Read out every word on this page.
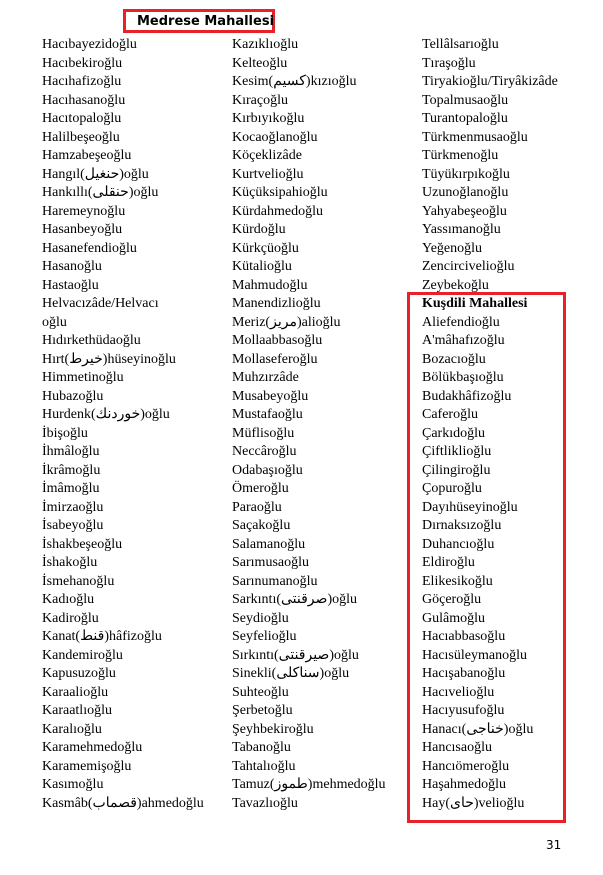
Medrese Mahallesi
Hacıbayezidoğlu
Hacıbekiroğlu
Hacıhafizoğlu
Hacıhasanoğlu
Hacıtopaloğlu
Halilbeşeoğlu
Hamzabeşeoğlu
Hangıl(حنغيل)oğlu
Hankıllı(حنقلى)oğlu
Haremeynoğlu
Hasanbeyoğlu
Hasanefendioğlu
Hasanoğlu
Hastaoğlu
Helvacızâde/Helvacı
oğlu
Hıdırkethüdaoğlu
Hırt(خيرط)hüseyinoğlu
Himmetinoğlu
Hubazoğlu
Hurdenk(خوردنك)oğlu
İbişoğlu
İhmâloğlu
İkrâmoğlu
İmâmoğlu
İmirzaoğlu
İsabeyoğlu
İshakbeşeoğlu
İshakoğlu
İsmehanoğlu
Kadıoğlu
Kadiroğlu
Kanat(قنط)hâfizoğlu
Kandemiroğlu
Kapusuzoğlu
Karaalioğlu
Karaatlıoğlu
Karalıoğlu
Karamehmedoğlu
Karamemişoğlu
Kasımoğlu
Kasmâb(قصماب)ahmedoğlu
Kazıklıoğlu
Kelteoğlu
Kesim(كسيم)kızıoğlu
Kıraçoğlu
Kırbıyıkoğlu
Kocaoğlanoğlu
Köçeklizâde
Kurtvelioğlu
Küçüksipahioğlu
Kürdahmedoğlu
Kürdoğlu
Kürkçüoğlu
Kütalioğlu
Mahmudoğlu
Manendizlioğlu
Meriz(مريز)alioğlu
Mollaabbasoğlu
Mollaseferoğlu
Muhzırzâde
Musabeyoğlu
Mustafaoğlu
Müflisoğlu
Neccâroğlu
Odabaşıoğlu
Ömeroğlu
Paraoğlu
Saçakoğlu
Salamanoğlu
Sarımusaoğlu
Sarınumanoğlu
Sarkıntı(صرقنتى)oğlu
Seydioğlu
Seyfelioğlu
Sırkıntı(صيرقنتى)oğlu
Sinekli(سناكلى)oğlu
Suhteoğlu
Şerbetoğlu
Şeyhbekiroğlu
Tabanoğlu
Tahtalıoğlu
Tamuz(طموز)mehmedoğlu
Tavazlıoğlu
Tellâlsarıoğlu
Tıraşoğlu
Tiryakioğlu/Tiryâkizâde
Topalmusaoğlu
Turantopaloğlu
Türkmenmusaoğlu
Türkmenoğlu
Tüyükırpıkoğlu
Uzunoğlanoğlu
Yahyabeşeoğlu
Yassımanoğlu
Yeğenoğlu
Zencircivelioğlu
Zeybekoğlu
Kuşdili Mahallesi
Aliefendioğlu
A'mâhafızoğlu
Bozacıoğlu
Bölükbaşıoğlu
Budakhâfizoğlu
Caferoğlu
Çarkıdoğlu
Çiftliklioğlu
Çilingiroğlu
Çopuroğlu
Dayıhüseyinoğlu
Dırnaksızoğlu
Duhancıoğlu
Eldiroğlu
Elikesikoğlu
Göçeroğlu
Gulâmoğlu
Hacıabbasoğlu
Hacısüleymanoğlu
Hacışabanoğlu
Hacıvelioğlu
Hacıyusufoğlu
Hanacı(خناجى)oğlu
Hancısaoğlu
Hancıömeroğlu
Haşahmedoğlu
Hay(حاى)velioğlu
31
